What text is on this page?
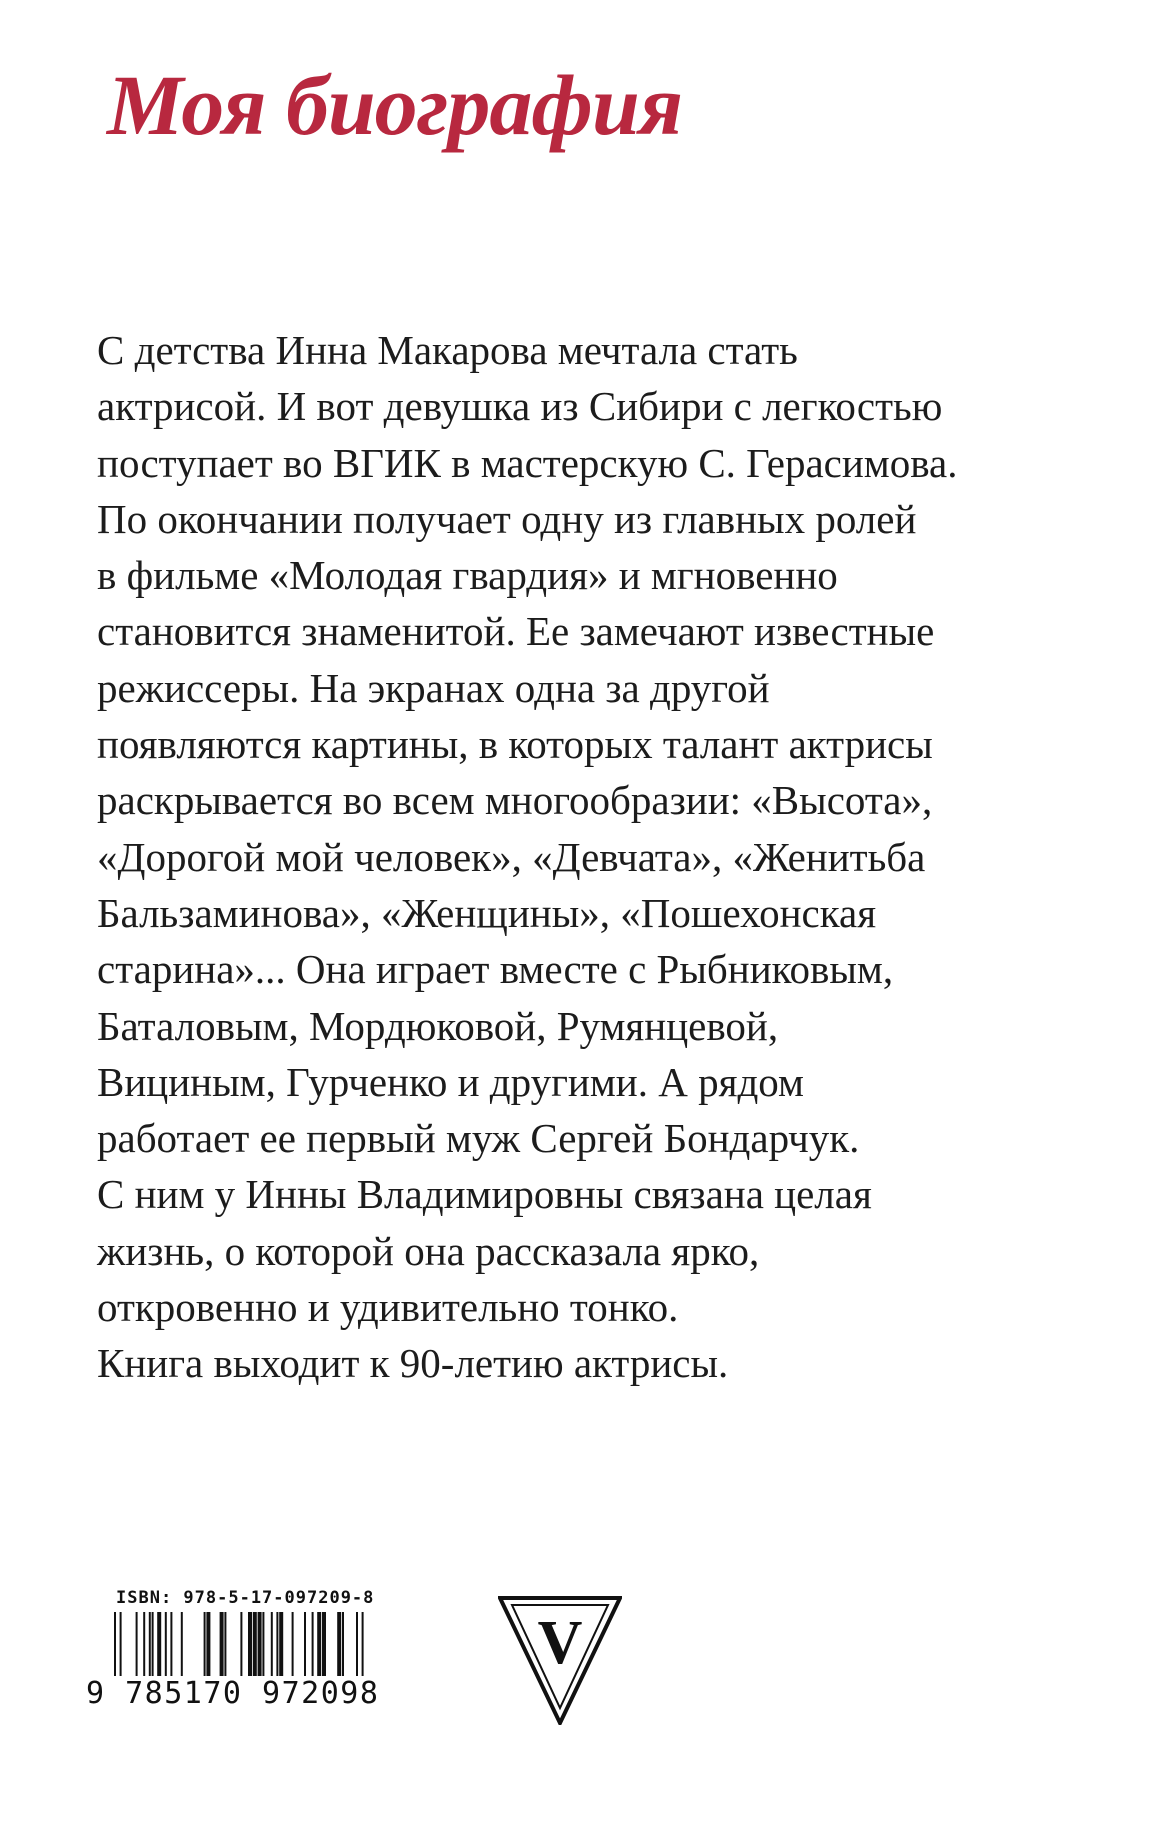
Моя биография
С детства Инна Макарова мечтала стать
актрисой. И вот девушка из Сибири с легкостью
поступает во ВГИК в мастерскую С. Герасимова.
По окончании получает одну из главных ролей
в фильме «Молодая гвардия» и мгновенно
становится знаменитой. Ее замечают известные
режиссеры. На экранах одна за другой
появляются картины, в которых талант актрисы
раскрывается во всем многообразии: «Высота»,
«Дорогой мой человек», «Девчата», «Женитьба
Бальзаминова», «Женщины», «Пошехонская
старина»... Она играет вместе с Рыбниковым,
Баталовым, Мордюковой, Румянцевой,
Вициным, Гурченко и другими. А рядом
работает ее первый муж Сергей Бондарчук.
С ним у Инны Владимировны связана целая
жизнь, о которой она рассказала ярко,
откровенно и удивительно тонко.
Книга выходит к 90-летию актрисы.
ISBN: 978-5-17-097209-8
9 785170 972098
V
